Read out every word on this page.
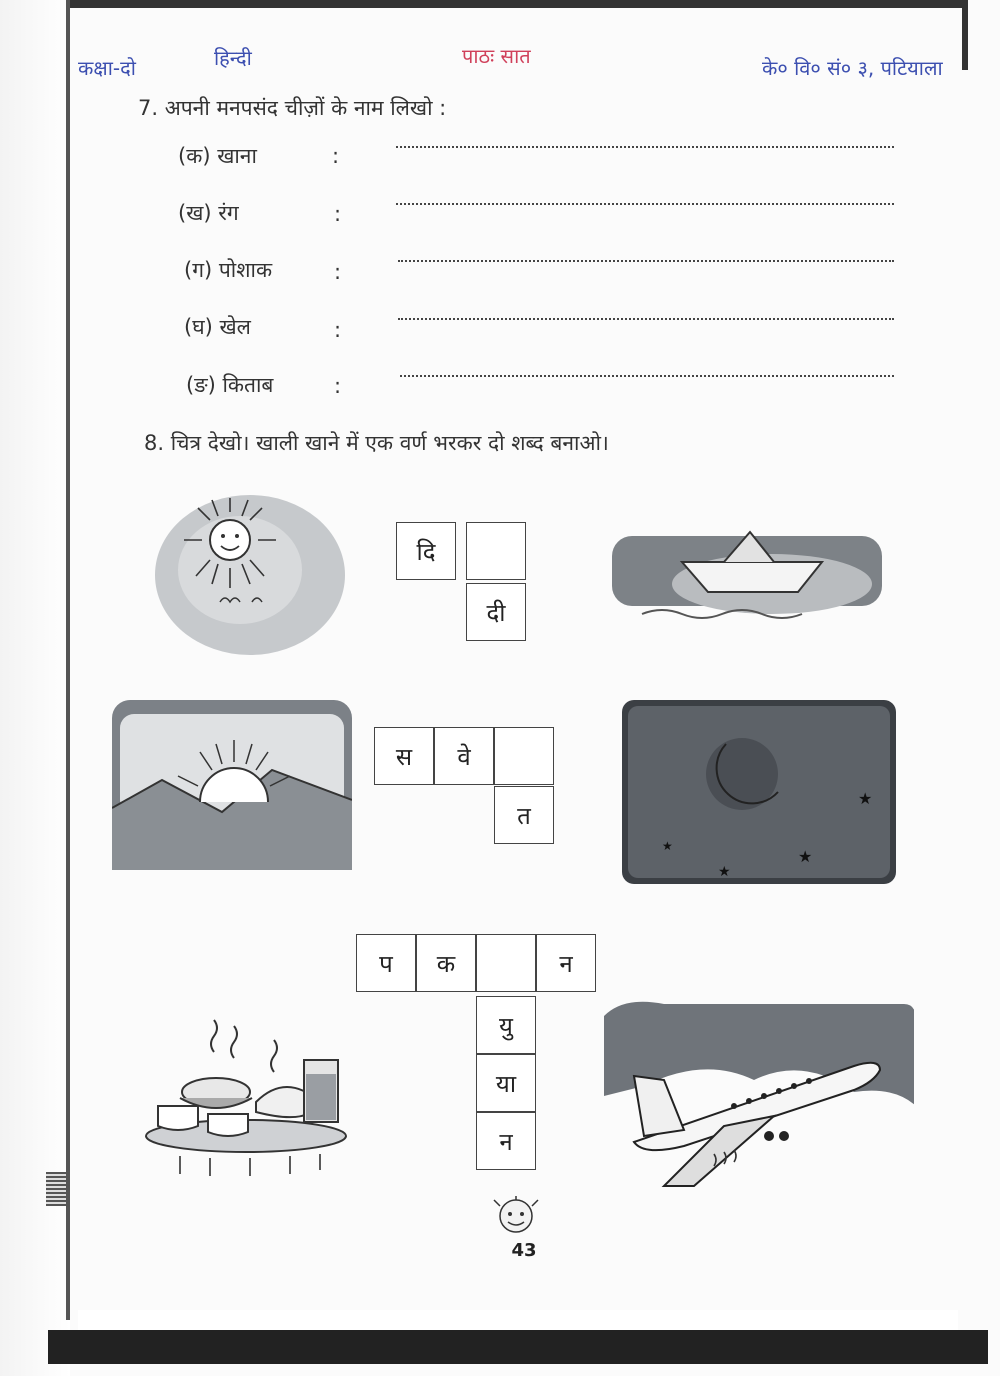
कक्षा-दो	हिन्दी	पाठः सात	के० वि० सं० ३, पटियाला
7. अपनी मनपसंद चीज़ों के नाम लिखो :
(क) खाना	:
(ख) रंग	:
(ग) पोशाक	:
(घ) खेल	:
(ङ) किताब	:
8. चित्र देखो। खाली खाने में एक वर्ण भरकर दो शब्द बनाओ।
दि
दी
स	वे
त
★
★
★
★
प	क	न
यु
या
न
43
